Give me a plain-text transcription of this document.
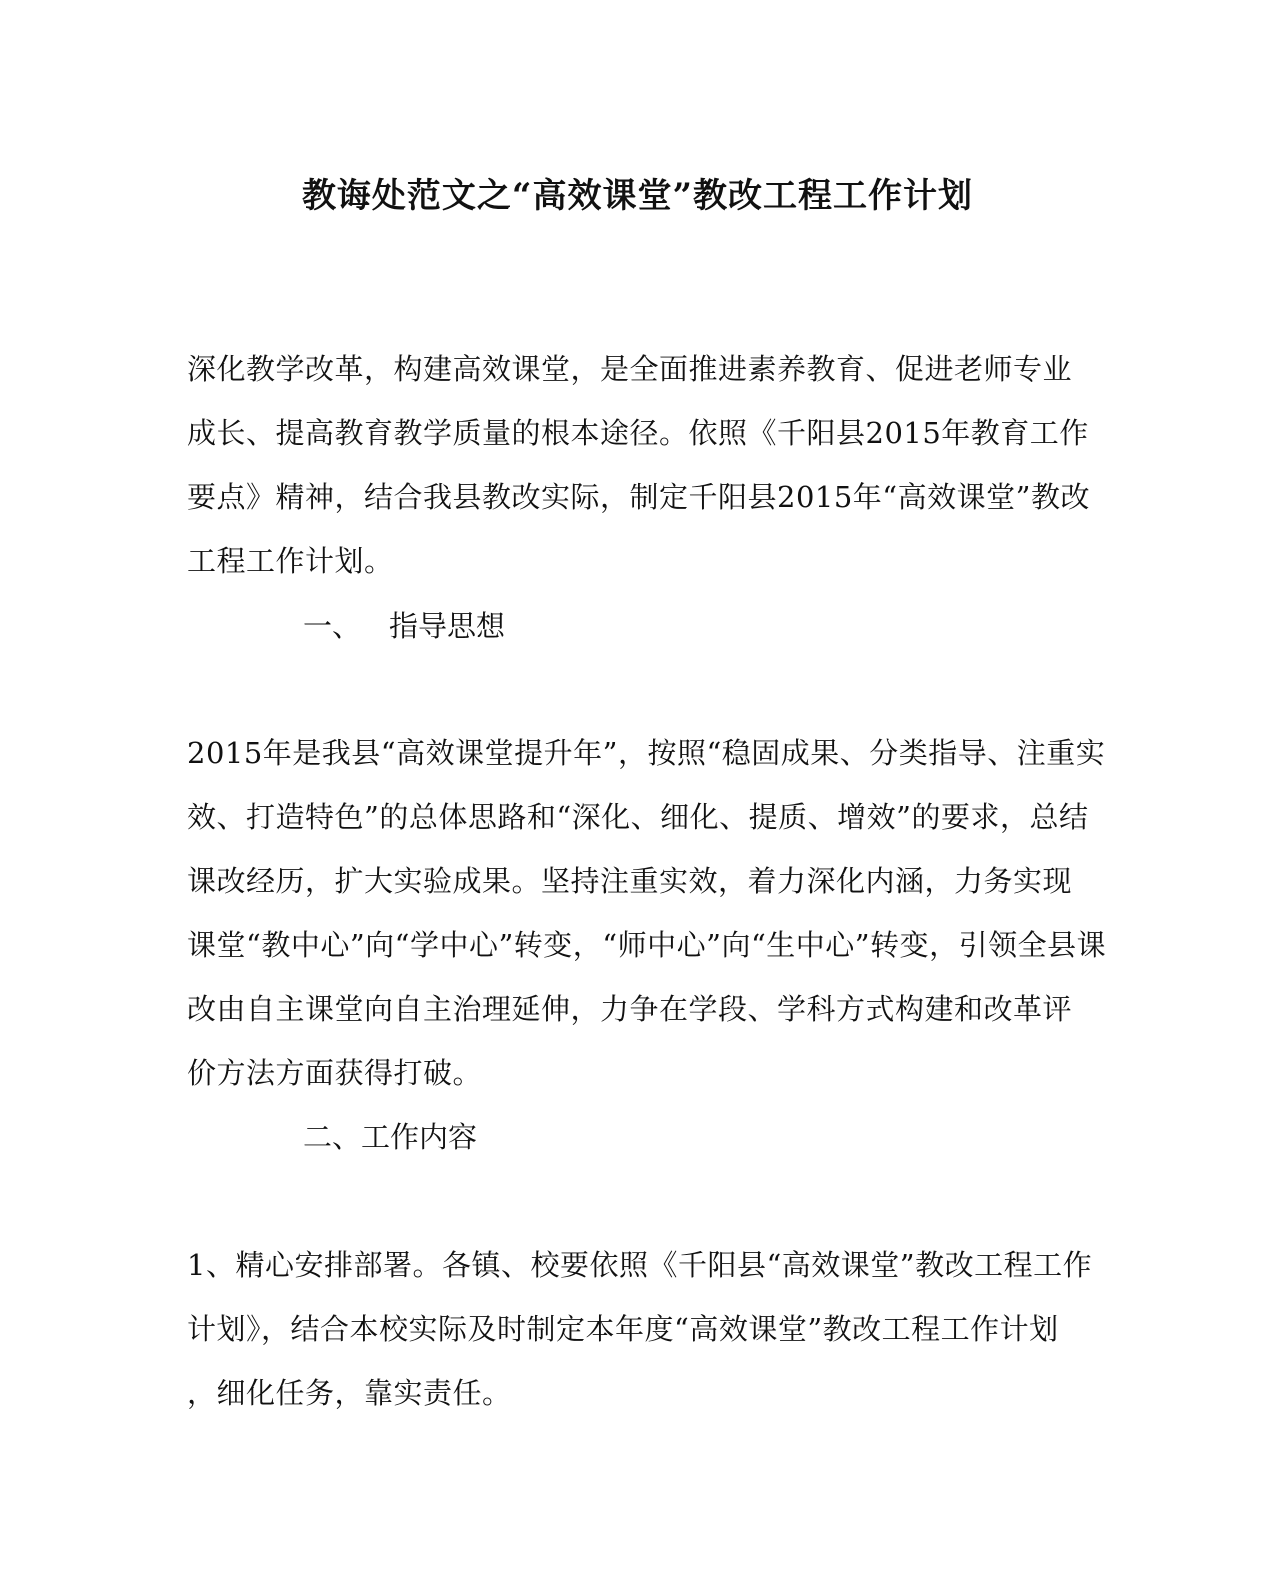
教诲处范文之“高效课堂”教改工程工作计划
深化教学改革，构建高效课堂，是全面推进素养教育、促进老师专业
成长、提高教育教学质量的根本途径。依照《千阳县2015年教育工作
要点》精神，结合我县教改实际，制定千阳县2015年“高效课堂”教改
工程工作计划。
一、 指导思想
2015年是我县“高效课堂提升年”，按照“稳固成果、分类指导、注重实
效、打造特色”的总体思路和“深化、细化、提质、增效”的要求，总结
课改经历，扩大实验成果。坚持注重实效，着力深化内涵，力务实现
课堂“教中心”向“学中心”转变，“师中心”向“生中心”转变，引领全县课
改由自主课堂向自主治理延伸，力争在学段、学科方式构建和改革评
价方法方面获得打破。
二、工作内容
1、精心安排部署。各镇、校要依照《千阳县“高效课堂”教改工程工作
计划》，结合本校实际及时制定本年度“高效课堂”教改工程工作计划
，细化任务，靠实责任。
